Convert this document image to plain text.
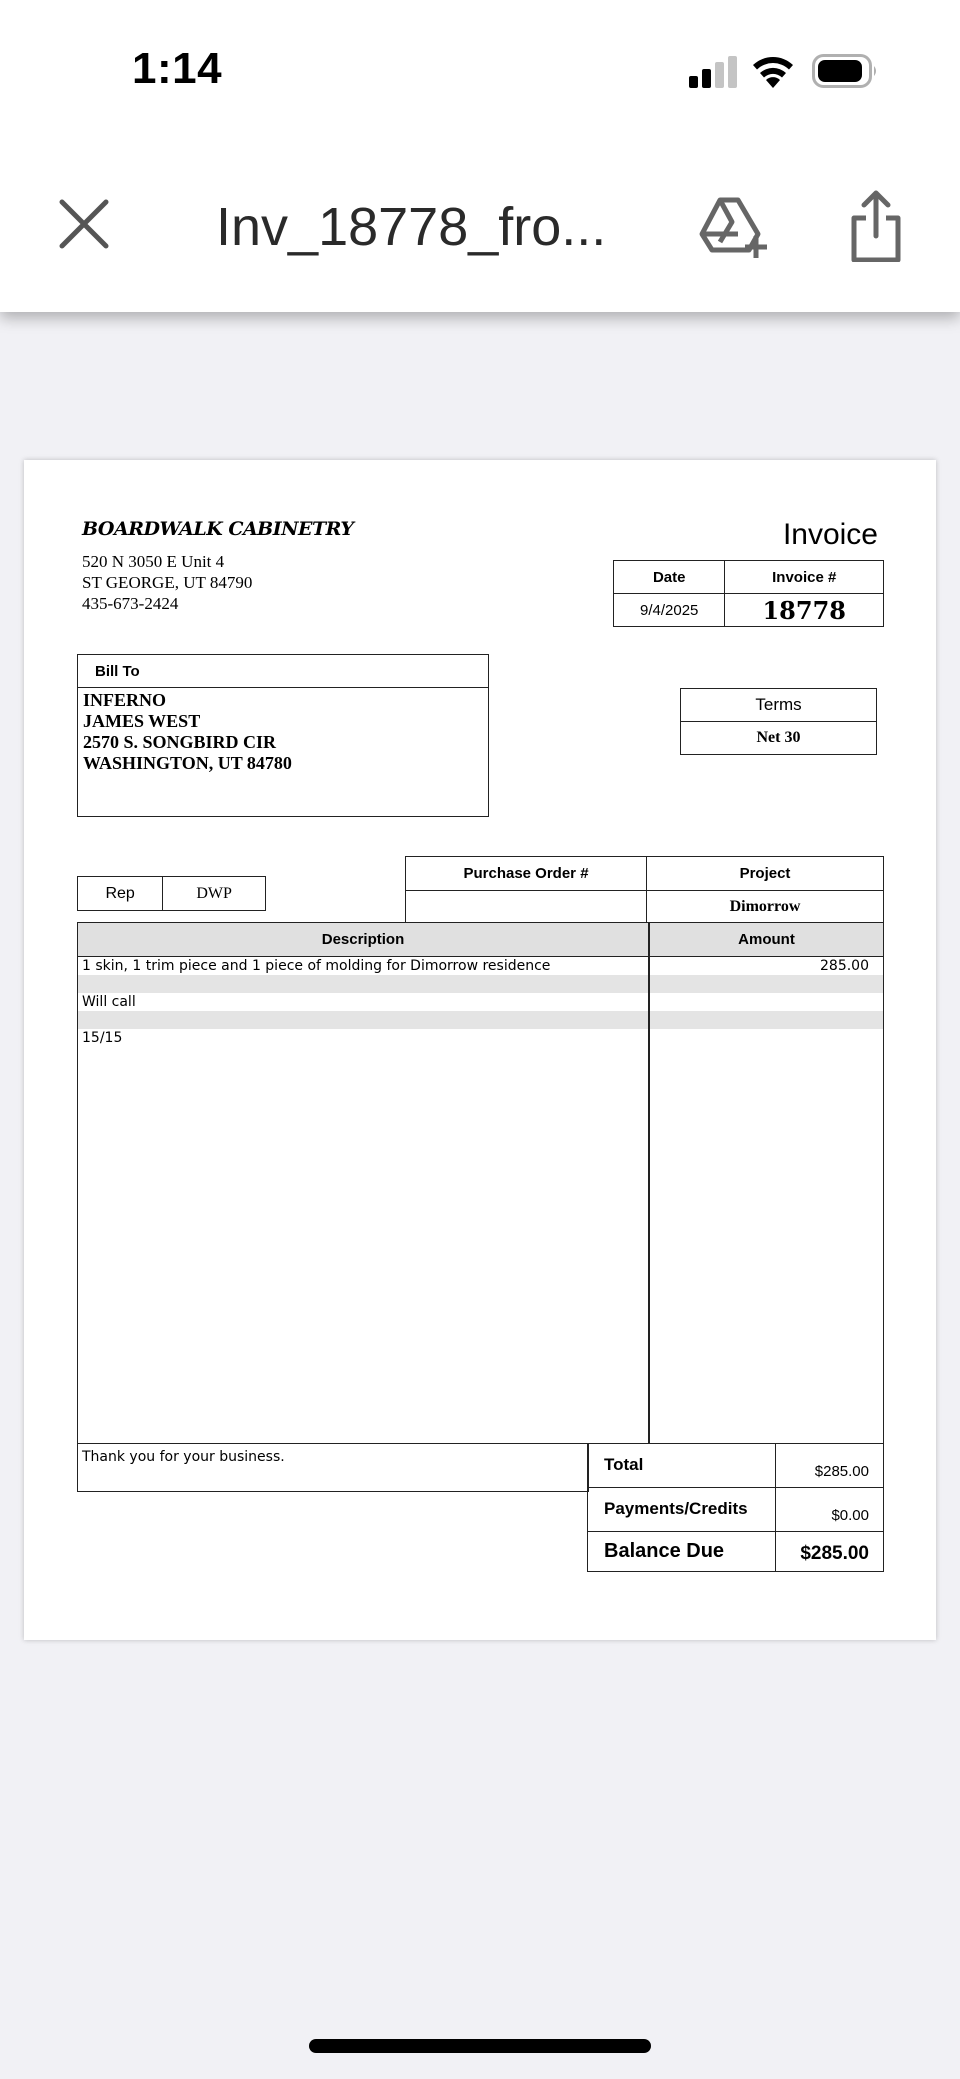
1:14
Inv_18778_fro...
BOARDWALK CABINETRY
520 N 3050 E Unit 4
ST GEORGE, UT 84790
435-673-2424
Invoice
Date	Invoice #
9/4/2025	18778
Bill To
INFERNO
JAMES WEST
2570 S. SONGBIRD CIR
WASHINGTON, UT 84780
Terms
Net 30
Rep	DWP
Purchase Order #	Project
	Dimorrow
Description	Amount
1 skin, 1 trim piece and 1 piece of molding for Dimorrow residence	285.00
Will call
15/15
Thank you for your business.	Total	$285.00
Payments/Credits	$0.00
Balance Due	$285.00
